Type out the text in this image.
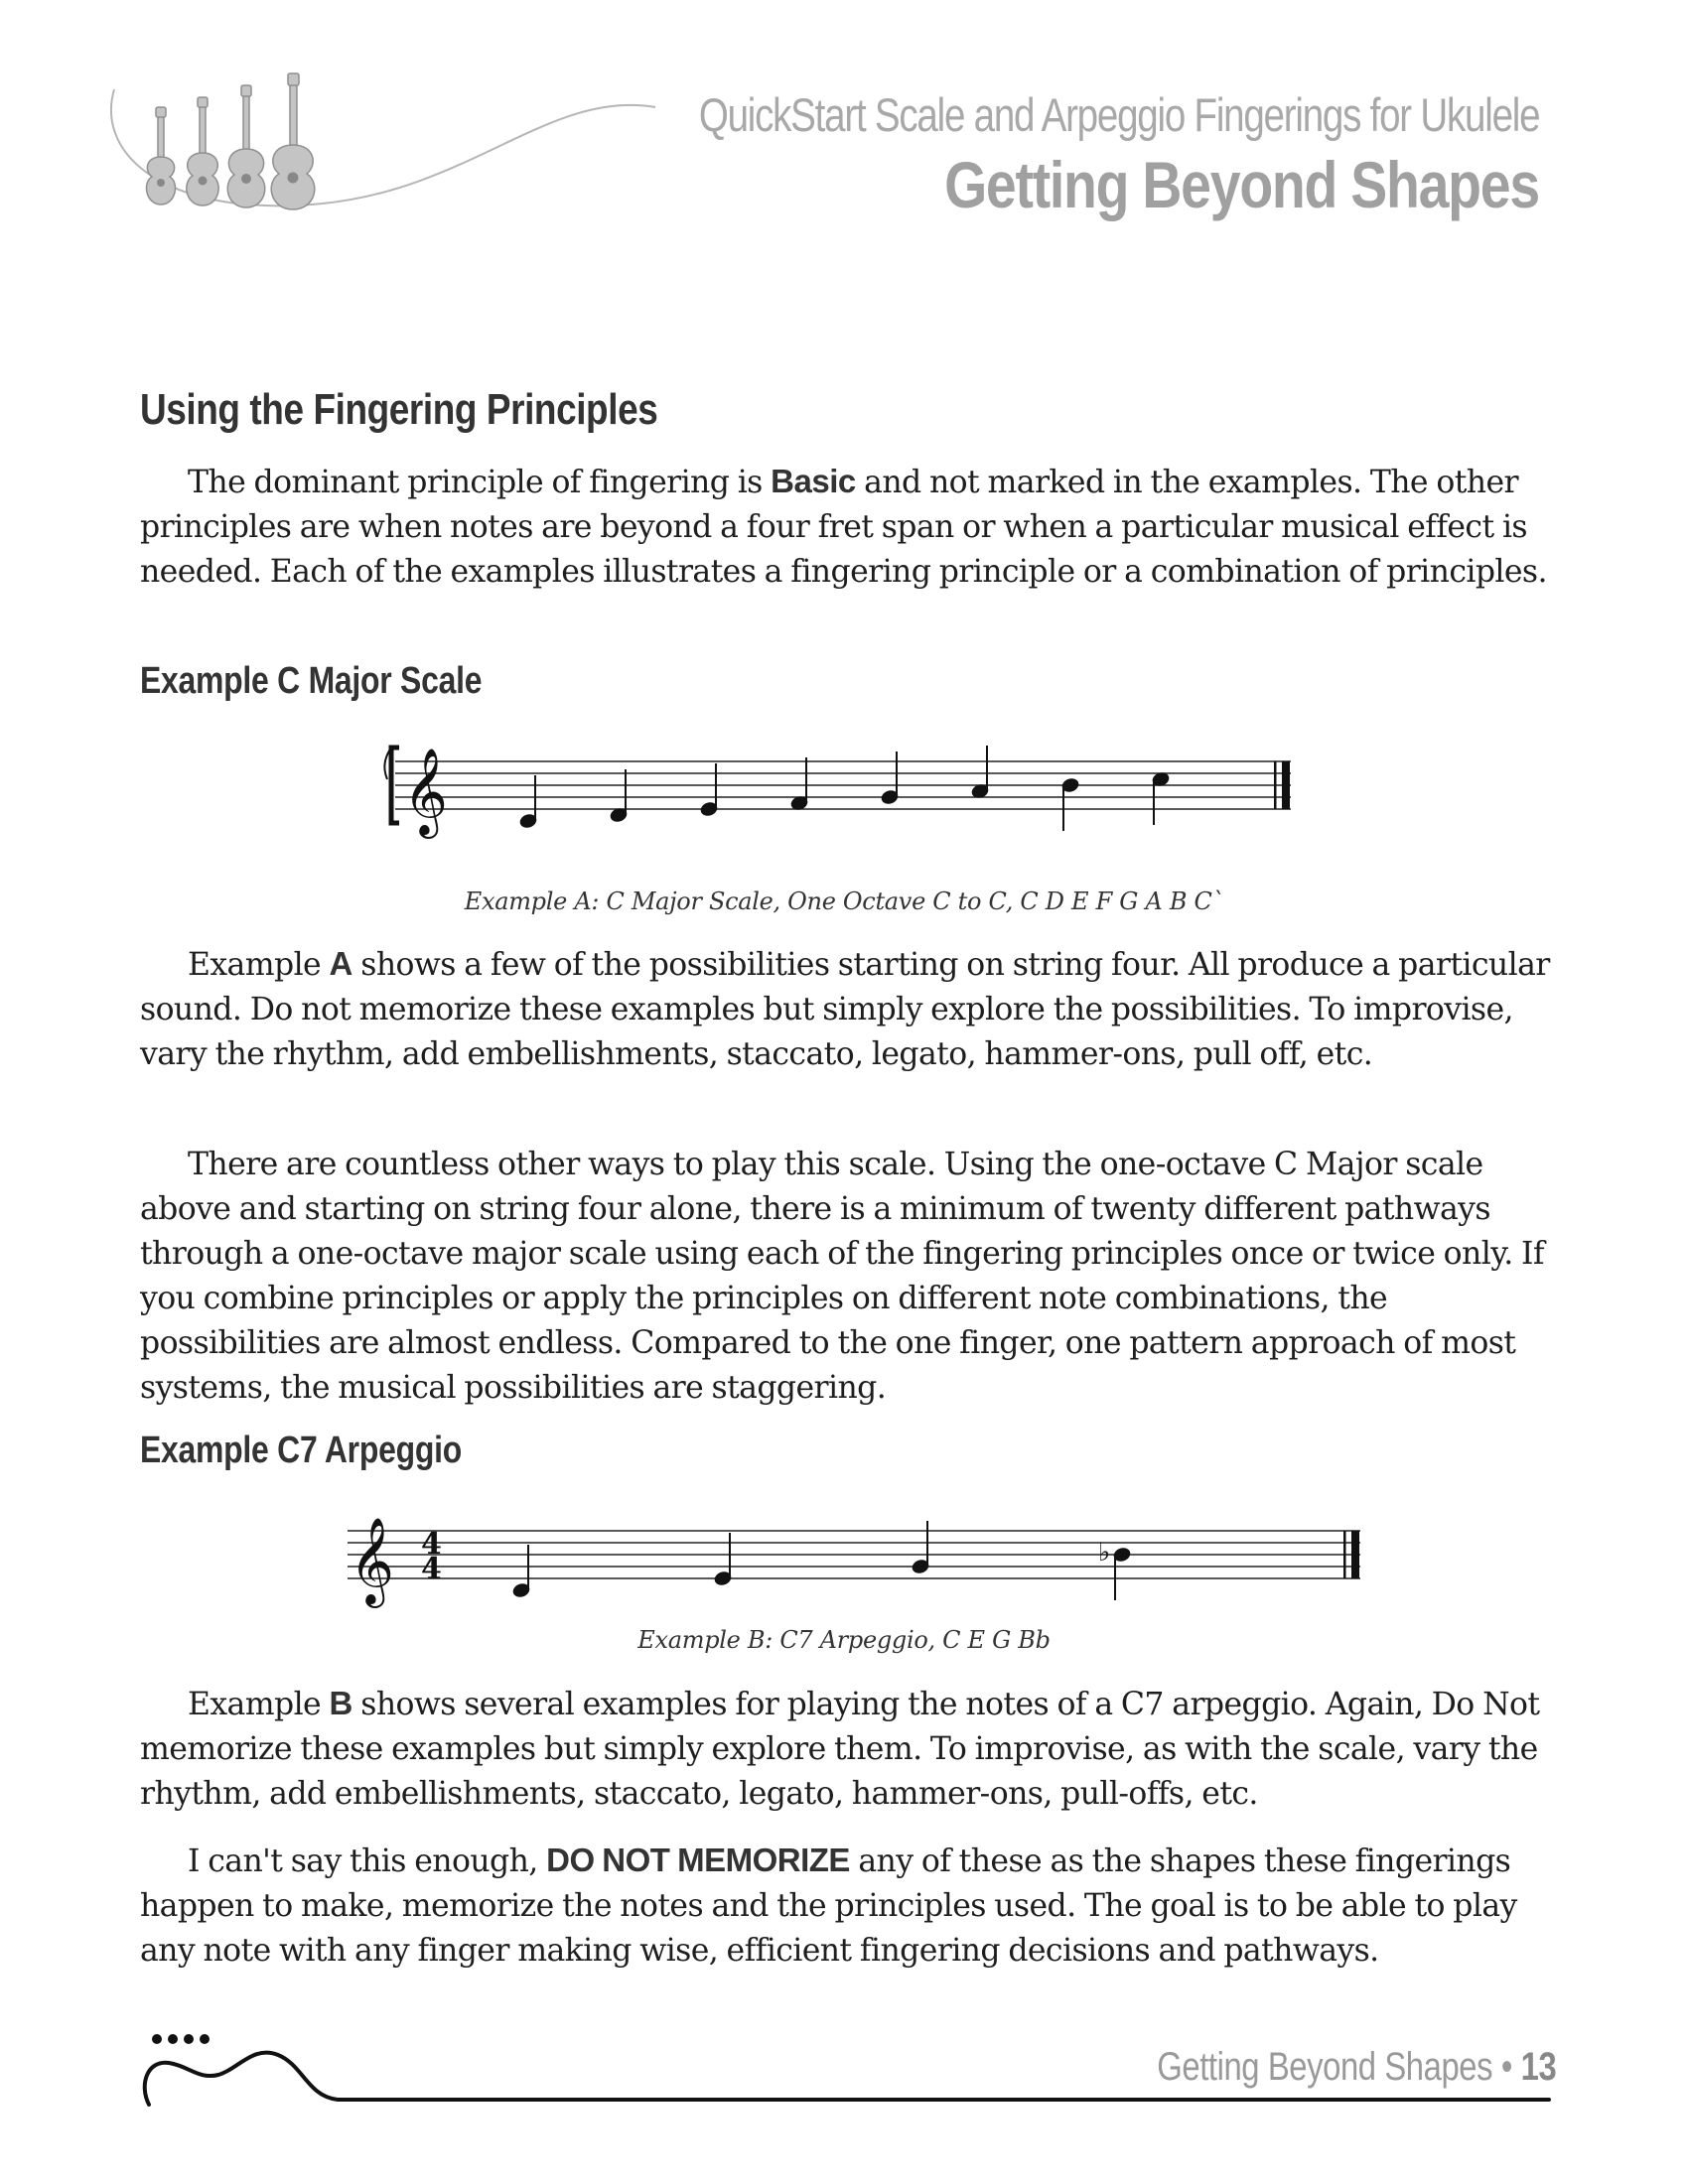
QuickStart Scale and Arpeggio Fingerings for Ukulele
Getting Beyond Shapes
Using the Fingering Principles

The dominant principle of fingering is Basic and not marked in the examples. The other principles are when notes are beyond a four fret span or when a particular musical effect is needed. Each of the examples illustrates a fingering principle or a combination of principles.

Example C Major Scale
𝄞
Example A: C Major Scale, One Octave C to C, C D E F G A B C`

Example A shows a few of the possibilities starting on string four. All produce a particular sound. Do not memorize these examples but simply explore the possibilities. To improvise, vary the rhythm, add embellishments, staccato, legato, hammer-ons, pull off, etc.

There are countless other ways to play this scale. Using the one-octave C Major scale above and starting on string four alone, there is a minimum of twenty different pathways through a one-octave major scale using each of the fingering principles once or twice only. If you combine principles or apply the principles on different note combinations, the possibilities are almost endless. Compared to the one finger, one pattern approach of most systems, the musical possibilities are staggering.

Example C7 Arpeggio
𝄞 4
4	♭
Example B: C7 Arpeggio, C E G Bb

Example B shows several examples for playing the notes of a C7 arpeggio. Again, Do Not memorize these examples but simply explore them. To improvise, as with the scale, vary the rhythm, add embellishments, staccato, legato, hammer-ons, pull-offs, etc.

I can't say this enough, DO NOT MEMORIZE any of these as the shapes these fingerings happen to make, memorize the notes and the principles used. The goal is to be able to play any note with any finger making wise, efficient fingering decisions and pathways.

Getting Beyond Shapes • 13
